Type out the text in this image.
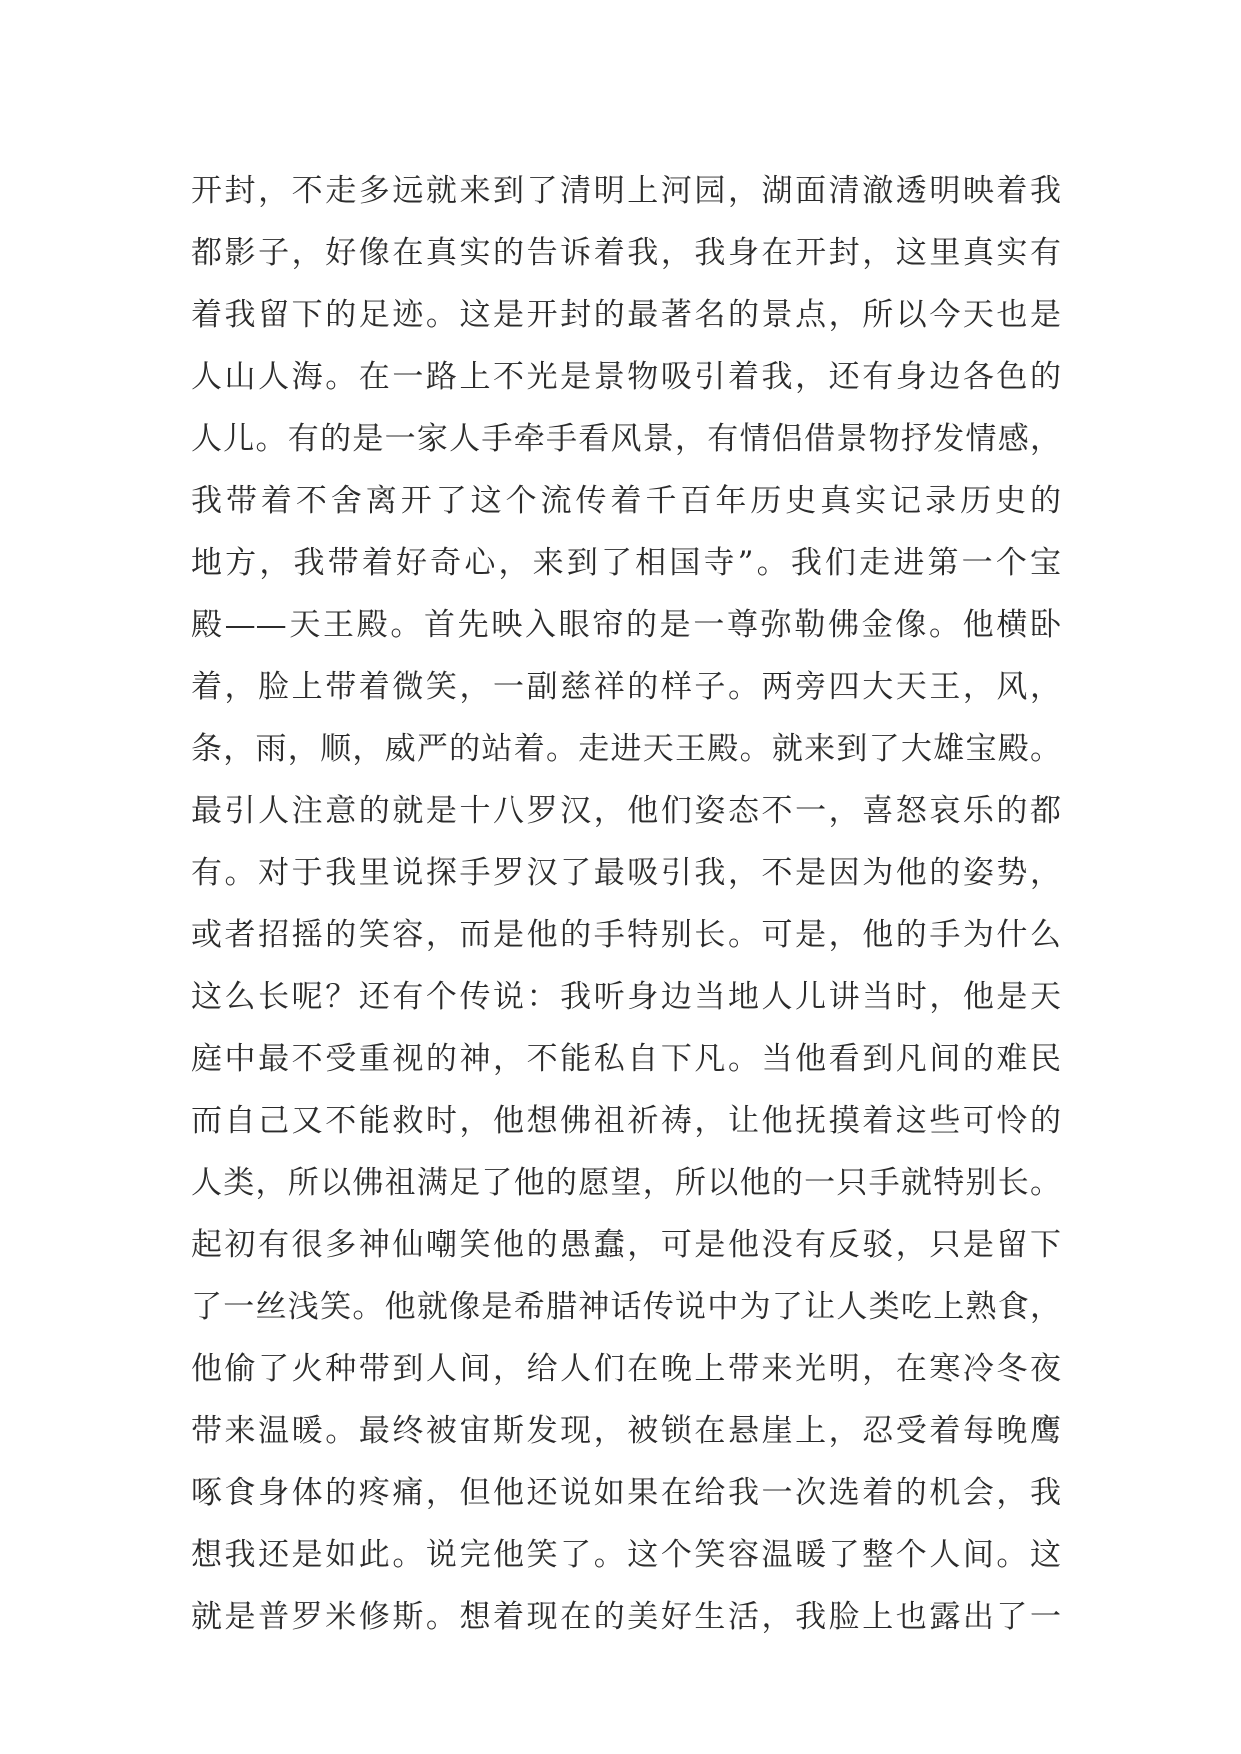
开封，不走多远就来到了清明上河园，湖面清澈透明映着我
都影子，好像在真实的告诉着我，我身在开封，这里真实有
着我留下的足迹。这是开封的最著名的景点，所以今天也是
人山人海。在一路上不光是景物吸引着我，还有身边各色的
人儿。有的是一家人手牵手看风景，有情侣借景物抒发情感，
我带着不舍离开了这个流传着千百年历史真实记录历史的
地方，我带着好奇心，来到了相国寺”。我们走进第一个宝
殿——天王殿。首先映入眼帘的是一尊弥勒佛金像。他横卧
着，脸上带着微笑，一副慈祥的样子。两旁四大天王，风，
条，雨，顺，威严的站着。走进天王殿。就来到了大雄宝殿。
最引人注意的就是十八罗汉，他们姿态不一，喜怒哀乐的都
有。对于我里说探手罗汉了最吸引我，不是因为他的姿势，
或者招摇的笑容，而是他的手特别长。可是，他的手为什么
这么长呢？还有个传说：我听身边当地人儿讲当时，他是天
庭中最不受重视的神，不能私自下凡。当他看到凡间的难民
而自己又不能救时，他想佛祖祈祷，让他抚摸着这些可怜的
人类，所以佛祖满足了他的愿望，所以他的一只手就特别长。
起初有很多神仙嘲笑他的愚蠢，可是他没有反驳，只是留下
了一丝浅笑。他就像是希腊神话传说中为了让人类吃上熟食，
他偷了火种带到人间，给人们在晚上带来光明，在寒冷冬夜
带来温暖。最终被宙斯发现，被锁在悬崖上，忍受着每晚鹰
啄食身体的疼痛，但他还说如果在给我一次选着的机会，我
想我还是如此。说完他笑了。这个笑容温暖了整个人间。这
就是普罗米修斯。想着现在的美好生活，我脸上也露出了一
